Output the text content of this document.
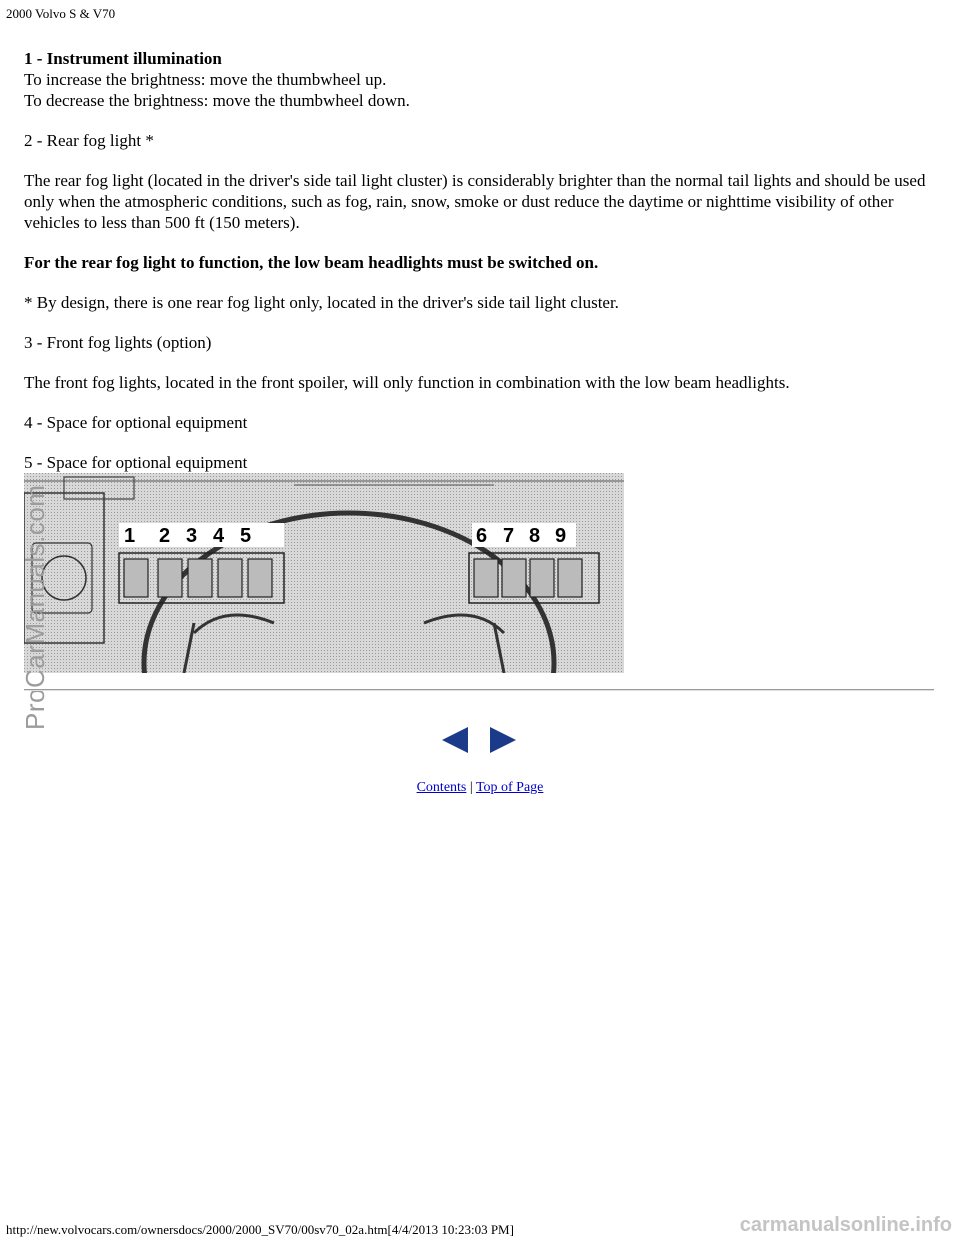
2000 Volvo S & V70

1 - Instrument illumination
To increase the brightness: move the thumbwheel up.
To decrease the brightness: move the thumbwheel down.

2 - Rear fog light *

The rear fog light (located in the driver's side tail light cluster) is considerably brighter than the normal tail lights and should be used only when the atmospheric conditions, such as fog, rain, snow, smoke or dust reduce the daytime or nighttime visibility of other vehicles to less than 500 ft (150 meters).

For the rear fog light to function, the low beam headlights must be switched on.

* By design, there is one rear fog light only, located in the driver's side tail light cluster.

3 - Front fog lights (option)

The front fog lights, located in the front spoiler, will only function in combination with the low beam headlights.

4 - Space for optional equipment

5 - Space for optional equipment

1 2 3 4 5	6 7 8 9
ProCarManuals.com
Contents | Top of Page
http://new.volvocars.com/ownersdocs/2000/2000_SV70/00sv70_02a.htm[4/4/2013 10:23:03 PM]	carmanualsonline.info
